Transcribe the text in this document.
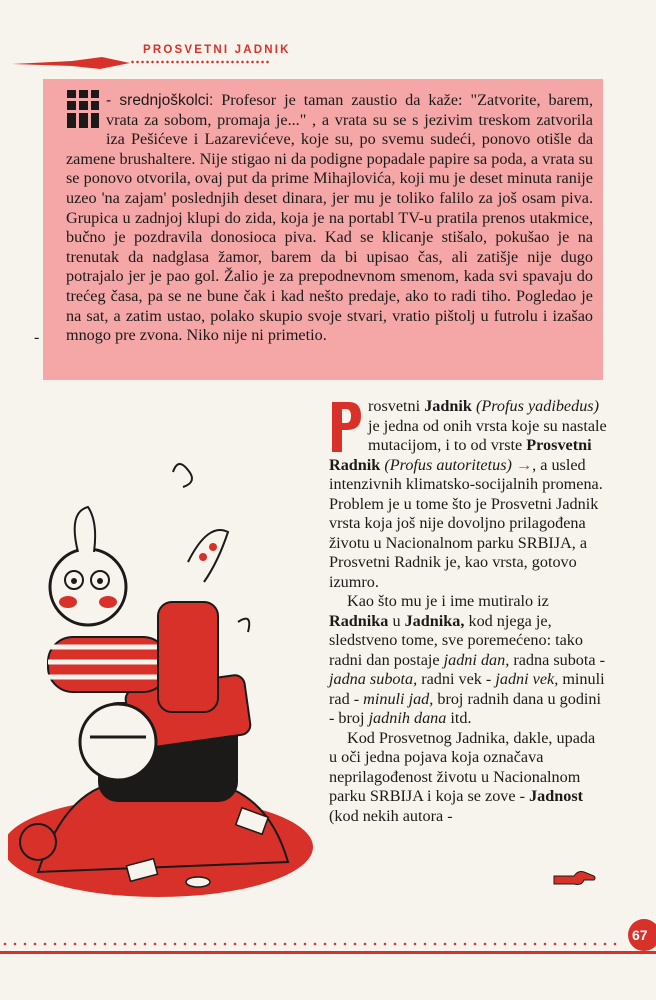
PROSVETNI JADNIK
- srednjoškolci: Profesor je taman zaustio da kaže: "Zatvorite, barem, vrata za sobom, promaja je..." , a vrata su se s jezivim treskom zatvorila iza Pešićeve i Lazarevićeve, koje su, po svemu sudeći, ponovo otišle da zamene brushaltere. Nije stigao ni da podigne popadale papire sa poda, a vrata su se ponovo otvorila, ovaj put da prime Mihajlovića, koji mu je deset minuta ranije uzeo 'na zajam' poslednjih deset dinara, jer mu je toliko falilo za još osam piva. Grupica u zadnjoj klupi do zida, koja je na portabl TV-u pratila prenos utakmice, bučno je pozdravila donosioca piva. Kad se klicanje stišalo, pokušao je na trenutak da nadglasa žamor, barem da bi upisao čas, ali zatišje nije dugo potrajalo jer je pao gol. Žalio je za prepodnevnom smenom, kada svi spavaju do trećeg časa, pa se ne bune čak i kad nešto predaje, ako to radi tiho. Pogledao je na sat, a zatim ustao, polako skupio svoje stvari, vratio pištolj u futrolu i izašao mnogo pre zvona. Niko nije ni primetio.
-

rosvetni Jadnik (Profus yadibedus) je jedna od onih vrsta koje su nastale mutacijom, i to od vrste Prosvetni Radnik (Profus autoritetus) →, a usled intenzivnih klimatsko-socijalnih promena. Problem je u tome što je Prosvetni Jadnik vrsta koja još nije dovoljno prilagođena životu u Nacionalnom parku SRBIJA, a Prosvetni Radnik je, kao vrsta, gotovo izumro.

Kao što mu je i ime mutiralo iz Radnika u Jadnika, kod njega je, sledstveno tome, sve poremećeno: tako radni dan postaje jadni dan, radna subota - jadna subota, radni vek - jadni vek, minuli rad - minuli jad, broj radnih dana u godini - broj jadnih dana itd.

Kod Prosvetnog Jadnika, dakle, upada u oči jedna pojava koja označava neprilagođenost životu u Nacionalnom parku SRBIJA i koja se zove - Jadnost (kod nekih autora -

67
